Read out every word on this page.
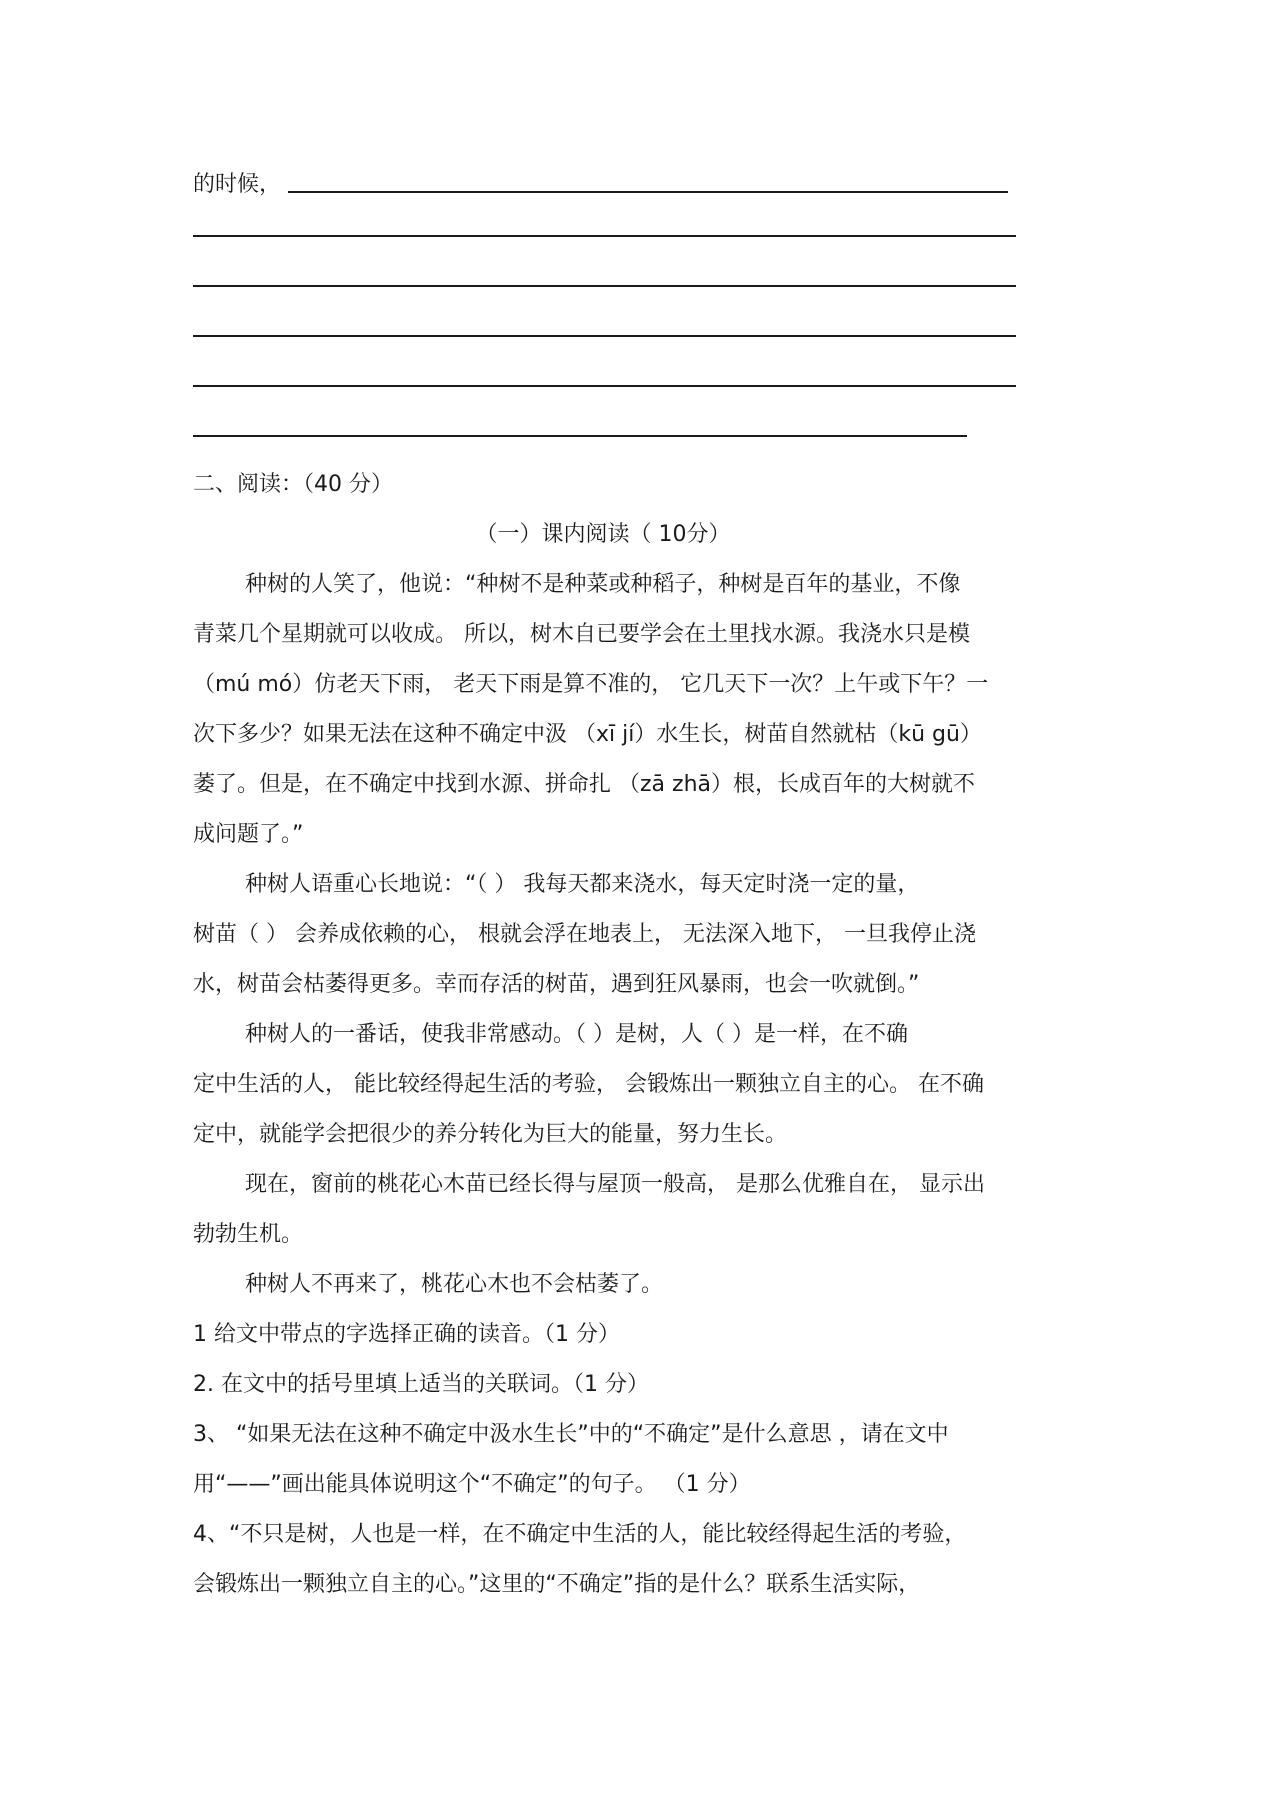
的时候，
二、阅读：（40 分）
（一）课内阅读（ 10分）
种树的人笑了，他说：“种树不是种菜或种稻子，种树是百年的基业，不像
青菜几个星期就可以收成。 所以，树木自已要学会在土里找水源。我浇水只是模
（mú mó）仿老天下雨， 老天下雨是算不准的， 它几天下一次？上午或下午？一
次下多少？如果无法在这种不确定中汲 （xī jí）水生长，树苗自然就枯（kū gū）
萎了。但是，在不确定中找到水源、拼命扎 （zā zhā）根，长成百年的大树就不
成问题了。”
种树人语重心长地说：“（ ） 我每天都来浇水，每天定时浇一定的量，
树苗（ ） 会养成依赖的心， 根就会浮在地表上， 无法深入地下， 一旦我停止浇
水，树苗会枯萎得更多。幸而存活的树苗，遇到狂风暴雨，也会一吹就倒。”
种树人的一番话，使我非常感动。（ ）是树，人（ ）是一样，在不确
定中生活的人， 能比较经得起生活的考验， 会锻炼出一颗独立自主的心。 在不确
定中，就能学会把很少的养分转化为巨大的能量，努力生长。
现在，窗前的桃花心木苗已经长得与屋顶一般高， 是那么优雅自在， 显示出
勃勃生机。
种树人不再来了，桃花心木也不会枯萎了。
1 给文中带点的字选择正确的读音。（1 分）
2. 在文中的括号里填上适当的关联词。（1 分）
3、 “如果无法在这种不确定中汲水生长”中的“不确定”是什么意思 ，请在文中
用“——”画出能具体说明这个“不确定”的句子。 （1 分）
4、“不只是树，人也是一样，在不确定中生活的人，能比较经得起生活的考验，
会锻炼出一颗独立自主的心。”这里的“不确定”指的是什么？联系生活实际，
